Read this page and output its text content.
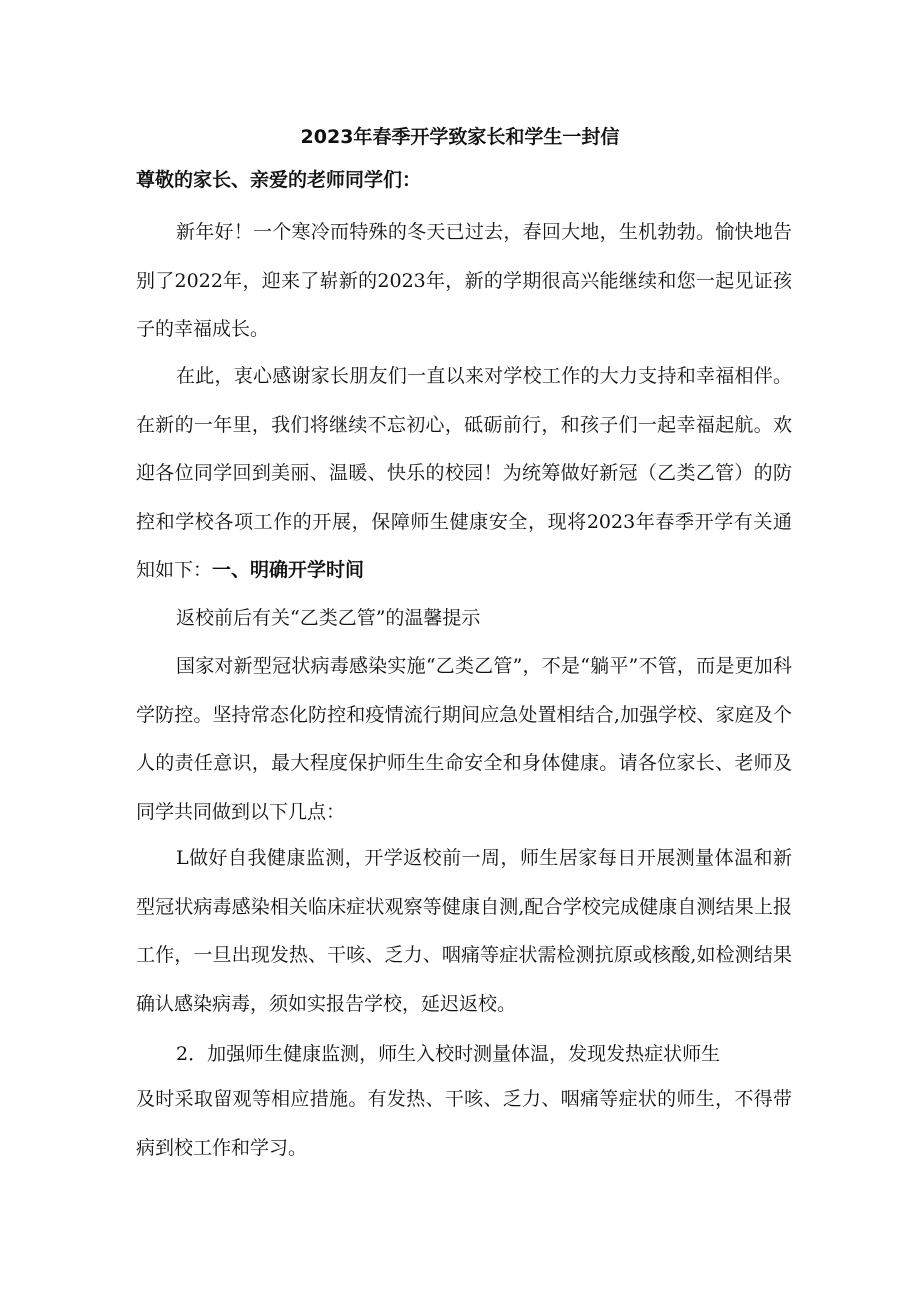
2023年春季开学致家长和学生一封信
尊敬的家长、亲爱的老师同学们：

新年好！一个寒冷而特殊的冬天已过去，春回大地，生机勃勃。愉快地告别了2022年，迎来了崭新的2023年，新的学期很高兴能继续和您一起见证孩子的幸福成长。

在此，衷心感谢家长朋友们一直以来对学校工作的大力支持和幸福相伴。在新的一年里，我们将继续不忘初心，砥砺前行，和孩子们一起幸福起航。欢迎各位同学回到美丽、温暖、快乐的校园！为统筹做好新冠（乙类乙管）的防控和学校各项工作的开展，保障师生健康安全，现将2023年春季开学有关通知如下：一、明确开学时间

返校前后有关“乙类乙管”的温馨提示

国家对新型冠状病毒感染实施“乙类乙管”，不是“躺平”不管，而是更加科学防控。坚持常态化防控和疫情流行期间应急处置相结合,加强学校、家庭及个人的责任意识，最大程度保护师生生命安全和身体健康。请各位家长、老师及同学共同做到以下几点：

L做好自我健康监测，开学返校前一周，师生居家每日开展测量体温和新型冠状病毒感染相关临床症状观察等健康自测,配合学校完成健康自测结果上报工作，一旦出现发热、干咳、乏力、咽痛等症状需检测抗原或核酸,如检测结果确认感染病毒，须如实报告学校，延迟返校。

2．加强师生健康监测，师生入校时测量体温，发现发热症状师生

及时采取留观等相应措施。有发热、干咳、乏力、咽痛等症状的师生，不得带病到校工作和学习。
